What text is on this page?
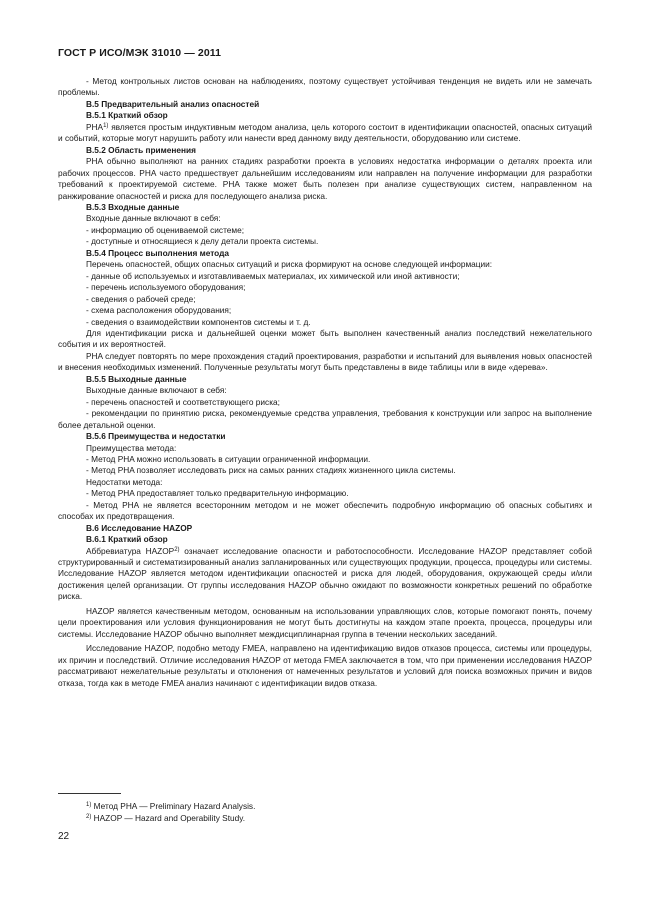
ГОСТ Р ИСО/МЭК 31010 — 2011

- Метод контрольных листов основан на наблюдениях, поэтому существует устойчивая тенденция не видеть или не замечать проблемы.

В.5 Предварительный анализ опасностей

В.5.1 Краткий обзор

PHA$^{1)}$ является простым индуктивным методом анализа, цель которого состоит в идентификации опасностей, опасных ситуаций и событий, которые могут нарушить работу или нанести вред данному виду деятельности, оборудованию или системе.

В.5.2 Область применения

PHA обычно выполняют на ранних стадиях разработки проекта в условиях недостатка информации о деталях проекта или рабочих процессов. PHA часто предшествует дальнейшим исследованиям или направлен на получение информации для разработки требований к проектируемой системе. PHA также может быть полезен при анализе существующих систем, направленном на ранжирование опасностей и риска для последующего анализа риска.

В.5.3 Входные данные

Входные данные включают в себя:

- информацию об оцениваемой системе;

- доступные и относящиеся к делу детали проекта системы.

В.5.4 Процесс выполнения метода

Перечень опасностей, общих опасных ситуаций и риска формируют на основе следующей информации:

- данные об используемых и изготавливаемых материалах, их химической или иной активности;

- перечень используемого оборудования;

- сведения о рабочей среде;

- схема расположения оборудования;

- сведения о взаимодействии компонентов системы и т. д.

Для идентификации риска и дальнейшей оценки может быть выполнен качественный анализ последствий нежелательного события и их вероятностей.

PHA следует повторять по мере прохождения стадий проектирования, разработки и испытаний для выявления новых опасностей и внесения необходимых изменений. Полученные результаты могут быть представлены в виде таблицы или в виде «дерева».

В.5.5 Выходные данные

Выходные данные включают в себя:

- перечень опасностей и соответствующего риска;

- рекомендации по принятию риска, рекомендуемые средства управления, требования к конструкции или запрос на выполнение более детальной оценки.

В.5.6 Преимущества и недостатки

Преимущества метода:

- Метод PHA можно использовать в ситуации ограниченной информации.

- Метод PHA позволяет исследовать риск на самых ранних стадиях жизненного цикла системы.

Недостатки метода:

- Метод PHA предоставляет только предварительную информацию.

- Метод PHA не является всесторонним методом и не может обеспечить подробную информацию об опасных событиях и способах их предотвращения.

В.6 Исследование HAZOP

В.6.1 Краткий обзор

Аббревиатура HAZOP$^{2)}$ означает исследование опасности и работоспособности. Исследование HAZOP представляет собой структурированный и систематизированный анализ запланированных или существующих продукции, процесса, процедуры или системы. Исследование HAZOP является методом идентификации опасностей и риска для людей, оборудования, окружающей среды и/или достижения целей организации. От группы исследования HAZOP обычно ожидают по возможности конкретных решений по обработке риска.

HAZOP является качественным методом, основанным на использовании управляющих слов, которые помогают понять, почему цели проектирования или условия функционирования не могут быть достигнуты на каждом этапе проекта, процесса, процедуры или системы. Исследование HAZOP обычно выполняет междисциплинарная группа в течении нескольких заседаний.

Исследование HAZOP, подобно методу FMEA, направлено на идентификацию видов отказов процесса, системы или процедуры, их причин и последствий. Отличие исследования HAZOP от метода FMEA заключается в том, что при применении исследования HAZOP рассматривают нежелательные результаты и отклонения от намеченных результатов и условий для поиска возможных причин и видов отказа, тогда как в методе FMEA анализ начинают с идентификации видов отказа.

$^{1)}$ Метод PHA — Preliminary Hazard Analysis.
$^{2)}$ HAZOP — Hazard and Operability Study.
22
